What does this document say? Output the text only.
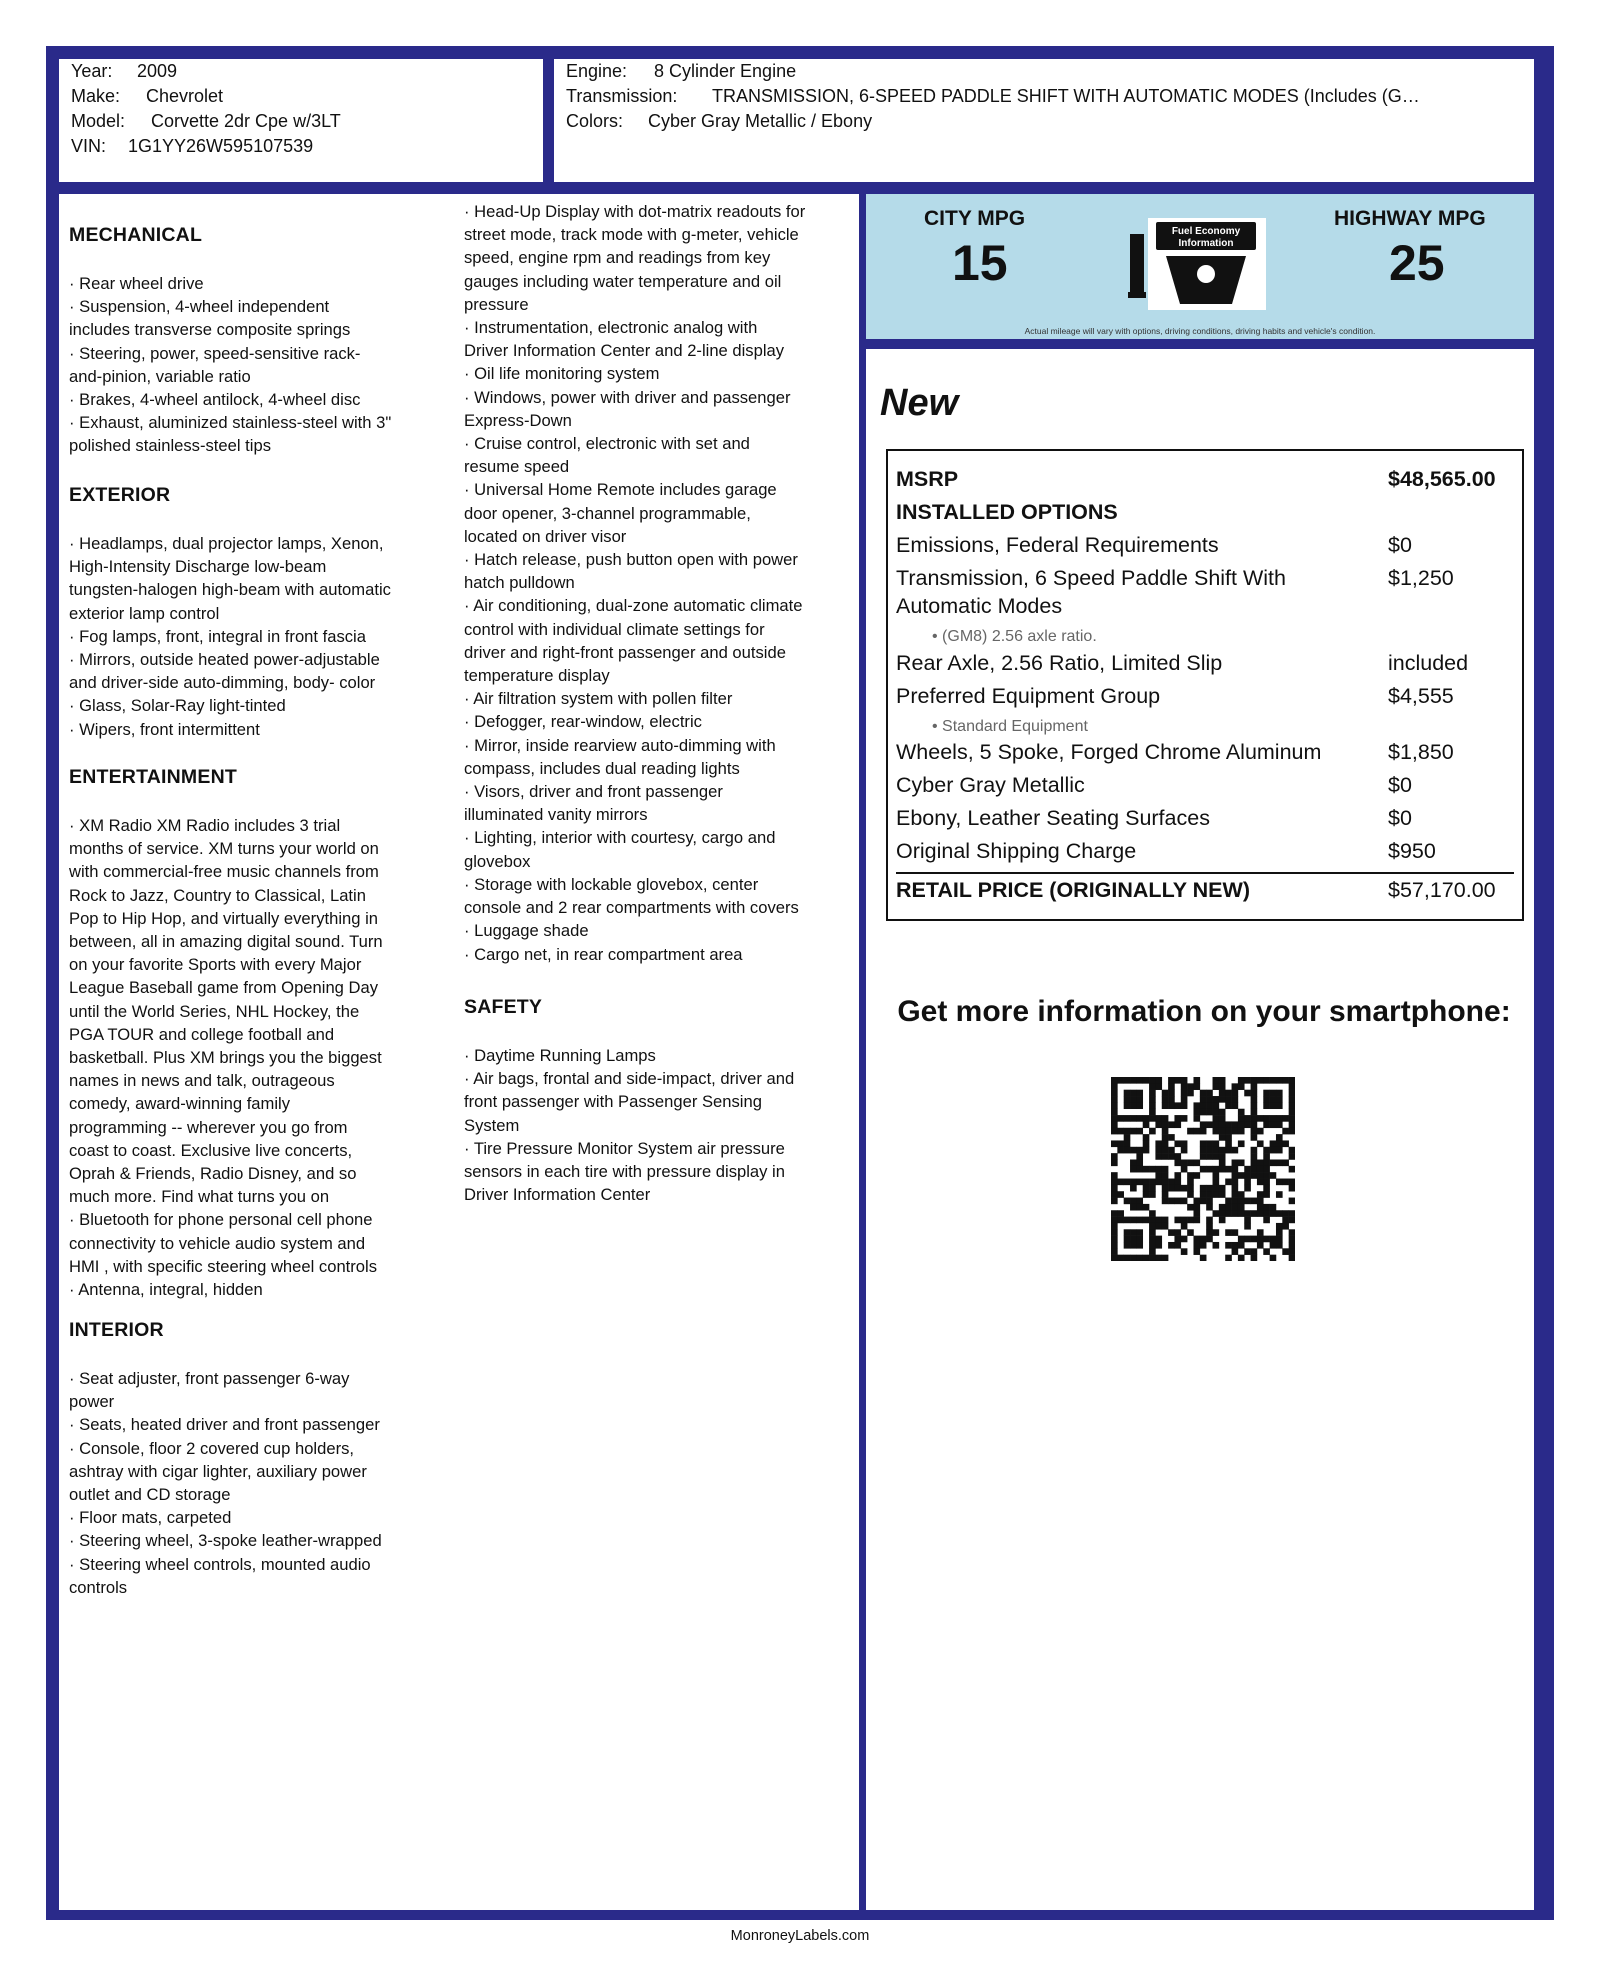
Year: 2009
Make: Chevrolet
Model: Corvette 2dr Cpe w/3LT
VIN: 1G1YY26W595107539
Engine: 8 Cylinder Engine
Transmission: TRANSMISSION, 6-SPEED PADDLE SHIFT WITH AUTOMATIC MODES (Includes (G…
Colors: Cyber Gray Metallic / Ebony
MECHANICAL
· Rear wheel drive
· Suspension, 4-wheel independent
includes transverse composite springs
· Steering, power, speed-sensitive rack-
and-pinion, variable ratio
· Brakes, 4-wheel antilock, 4-wheel disc
· Exhaust, aluminized stainless-steel with 3"
polished stainless-steel tips
EXTERIOR
· Headlamps, dual projector lamps, Xenon,
High-Intensity Discharge low-beam
tungsten-halogen high-beam with automatic
exterior lamp control
· Fog lamps, front, integral in front fascia
· Mirrors, outside heated power-adjustable
and driver-side auto-dimming, body- color
· Glass, Solar-Ray light-tinted
· Wipers, front intermittent
ENTERTAINMENT
· XM Radio XM Radio includes 3 trial
months of service. XM turns your world on
with commercial-free music channels from
Rock to Jazz, Country to Classical, Latin
Pop to Hip Hop, and virtually everything in
between, all in amazing digital sound. Turn
on your favorite Sports with every Major
League Baseball game from Opening Day
until the World Series, NHL Hockey, the
PGA TOUR and college football and
basketball. Plus XM brings you the biggest
names in news and talk, outrageous
comedy, award-winning family
programming -- wherever you go from
coast to coast. Exclusive live concerts,
Oprah & Friends, Radio Disney, and so
much more. Find what turns you on
· Bluetooth for phone personal cell phone
connectivity to vehicle audio system and
HMI , with specific steering wheel controls
· Antenna, integral, hidden
INTERIOR
· Seat adjuster, front passenger 6-way
power
· Seats, heated driver and front passenger
· Console, floor 2 covered cup holders,
ashtray with cigar lighter, auxiliary power
outlet and CD storage
· Floor mats, carpeted
· Steering wheel, 3-spoke leather-wrapped
· Steering wheel controls, mounted audio
controls
· Head-Up Display with dot-matrix readouts for
street mode, track mode with g-meter, vehicle
speed, engine rpm and readings from key
gauges including water temperature and oil
pressure
· Instrumentation, electronic analog with
Driver Information Center and 2-line display
· Oil life monitoring system
· Windows, power with driver and passenger
Express-Down
· Cruise control, electronic with set and
resume speed
· Universal Home Remote includes garage
door opener, 3-channel programmable,
located on driver visor
· Hatch release, push button open with power
hatch pulldown
· Air conditioning, dual-zone automatic climate
control with individual climate settings for
driver and right-front passenger and outside
temperature display
· Air filtration system with pollen filter
· Defogger, rear-window, electric
· Mirror, inside rearview auto-dimming with
compass, includes dual reading lights
· Visors, driver and front passenger
illuminated vanity mirrors
· Lighting, interior with courtesy, cargo and
glovebox
· Storage with lockable glovebox, center
console and 2 rear compartments with covers
· Luggage shade
· Cargo net, in rear compartment area
SAFETY
· Daytime Running Lamps
· Air bags, frontal and side-impact, driver and
front passenger with Passenger Sensing
System
· Tire Pressure Monitor System air pressure
sensors in each tire with pressure display in
Driver Information Center
CITY MPG
15
HIGHWAY MPG
25
Fuel Economy
Information
Actual mileage will vary with options, driving conditions, driving habits and vehicle's condition.
New
MSRP	$48,565.00
INSTALLED OPTIONS
Emissions, Federal Requirements	$0
Transmission, 6 Speed Paddle Shift With	$1,250
Automatic Modes
• (GM8) 2.56 axle ratio.
Rear Axle, 2.56 Ratio, Limited Slip	included
Preferred Equipment Group	$4,555
• Standard Equipment
Wheels, 5 Spoke, Forged Chrome Aluminum	$1,850
Cyber Gray Metallic	$0
Ebony, Leather Seating Surfaces	$0
Original Shipping Charge	$950
RETAIL PRICE (ORIGINALLY NEW)	$57,170.00
Get more information on your smartphone:
MonroneyLabels.com
